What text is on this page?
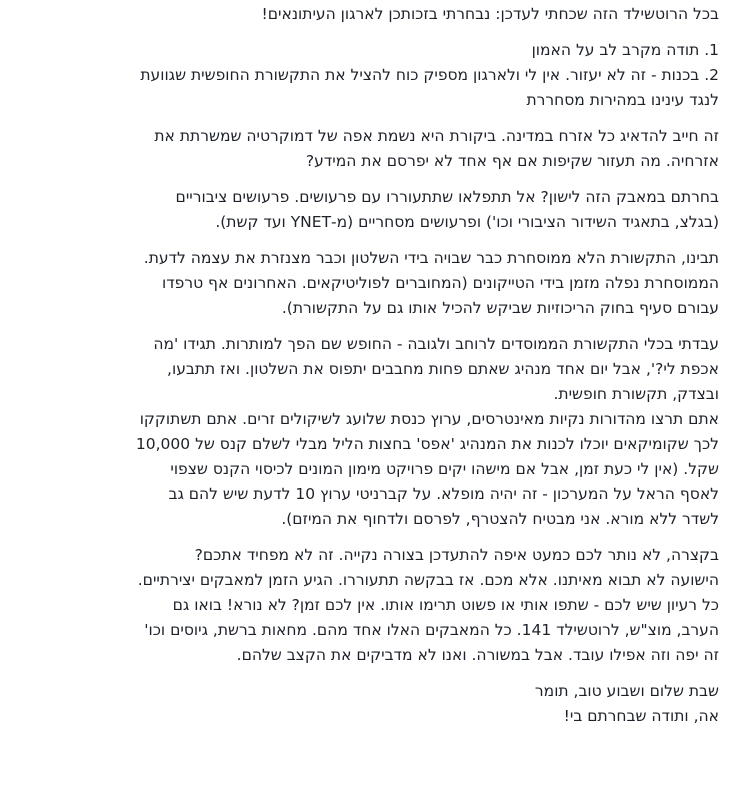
בכל הרוטשילד הזה שכחתי לעדכן: נבחרתי בזכותכן לארגון העיתונאים!

1. תודה מקרב לב על האמון
2. בכנות - זה לא יעזור. אין לי ולארגון מספיק כוח להציל את התקשורת החופשית שגוועת
לנגד עינינו במהירות מסחררת

זה חייב להדאיג כל אזרח במדינה. ביקורת היא נשמת אפה של דמוקרטיה שמשרתת את
אזרחיה. מה תעזור שקיפות אם אף אחד לא יפרסם את המידע?

בחרתם במאבק הזה לישון? אל תתפלאו שתתעוררו עם פרעושים. פרעושים ציבוריים
(בגלצ, בתאגיד השידור הציבורי וכו') ופרעושים מסחריים (מ-YNET ועד קשת).

תבינו, התקשורת הלא ממוסחרת כבר שבויה בידי השלטון וכבר מצנזרת את עצמה לדעת.
הממוסחרת נפלה מזמן בידי הטייקונים (המחוברים לפוליטיקאים. האחרונים אף טרפדו
עבורם סעיף בחוק הריכוזיות שביקש להכיל אותו גם על התקשורת).

עבדתי בכלי התקשורת הממוסדים לרוחב ולגובה - החופש שם הפך למותרות. תגידו 'מה
אכפת לי?', אבל יום אחד מנהיג שאתם פחות מחבבים יתפוס את השלטון. ואז תתבעו,
ובצדק, תקשורת חופשית.
אתם תרצו מהדורות נקיות מאינטרסים, ערוץ כנסת שלועג לשיקולים זרים. אתם תשתוקקו
לכך שקומיקאים יוכלו לכנות את המנהיג 'אפס' בחצות הליל מבלי לשלם קנס של 10,000
שקל. (אין לי כעת זמן, אבל אם מישהו יקים פרויקט מימון המונים לכיסוי הקנס שצפוי
לאסף הראל על המערכון - זה יהיה מופלא. על קברניטי ערוץ 10 לדעת שיש להם גב
לשדר ללא מורא. אני מבטיח להצטרף, לפרסם ולדחוף את המיזם).

בקצרה, לא נותר לכם כמעט איפה להתעדכן בצורה נקייה. זה לא מפחיד אתכם?
הישועה לא תבוא מאיתנו. אלא מכם. אז בבקשה תתעוררו. הגיע הזמן למאבקים יצירתיים.
כל רעיון שיש לכם - שתפו אותי או פשוט תרימו אותו. אין לכם זמן? לא נורא! בואו גם
הערב, מוצ"ש, לרוטשילד 141. כל המאבקים האלו אחד מהם. מחאות ברשת, גיוסים וכו'
זה יפה וזה אפילו עובד. אבל במשורה. ואנו לא מדביקים את הקצב שלהם.

שבת שלום ושבוע טוב, תומר
אה, ותודה שבחרתם בי!
